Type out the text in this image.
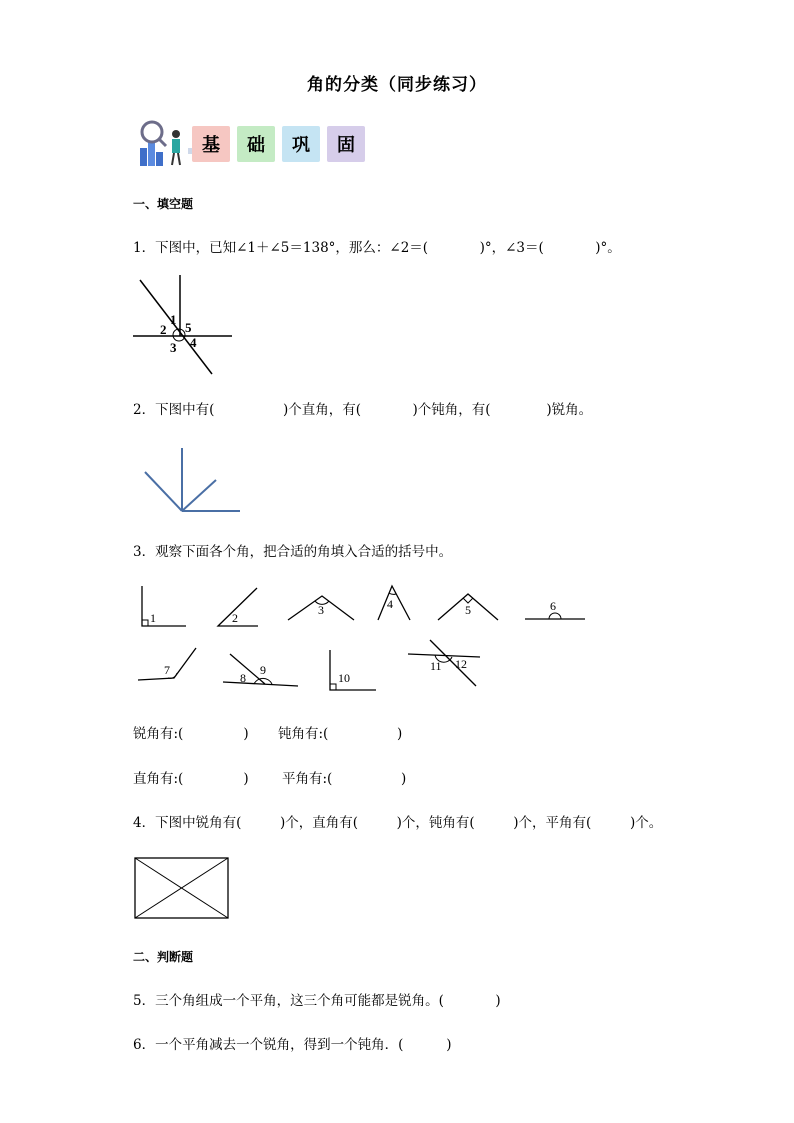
角的分类（同步练习）
基	础	巩	固
一、填空题
1．下图中，已知∠1＋∠5＝138°，那么：∠2＝(            )°，∠3＝(            )°。
1
2 5
3 4
2．下图中有(                )个直角，有(            )个钝角，有(             )锐角。
3．观察下面各个角，把合适的角填入合适的括号中。
1	2
3	4	5	6
7
8
9
10
11 12
锐角有:(              ) 钝角有:(                )
直角有:(              ) 平角有:(                )
4．下图中锐角有(         )个，直角有(         )个，钝角有(         )个，平角有(         )个。
二、判断题
5．三个角组成一个平角，这三个角可能都是锐角。(            )
6．一个平角减去一个锐角，得到一个钝角．(          )
